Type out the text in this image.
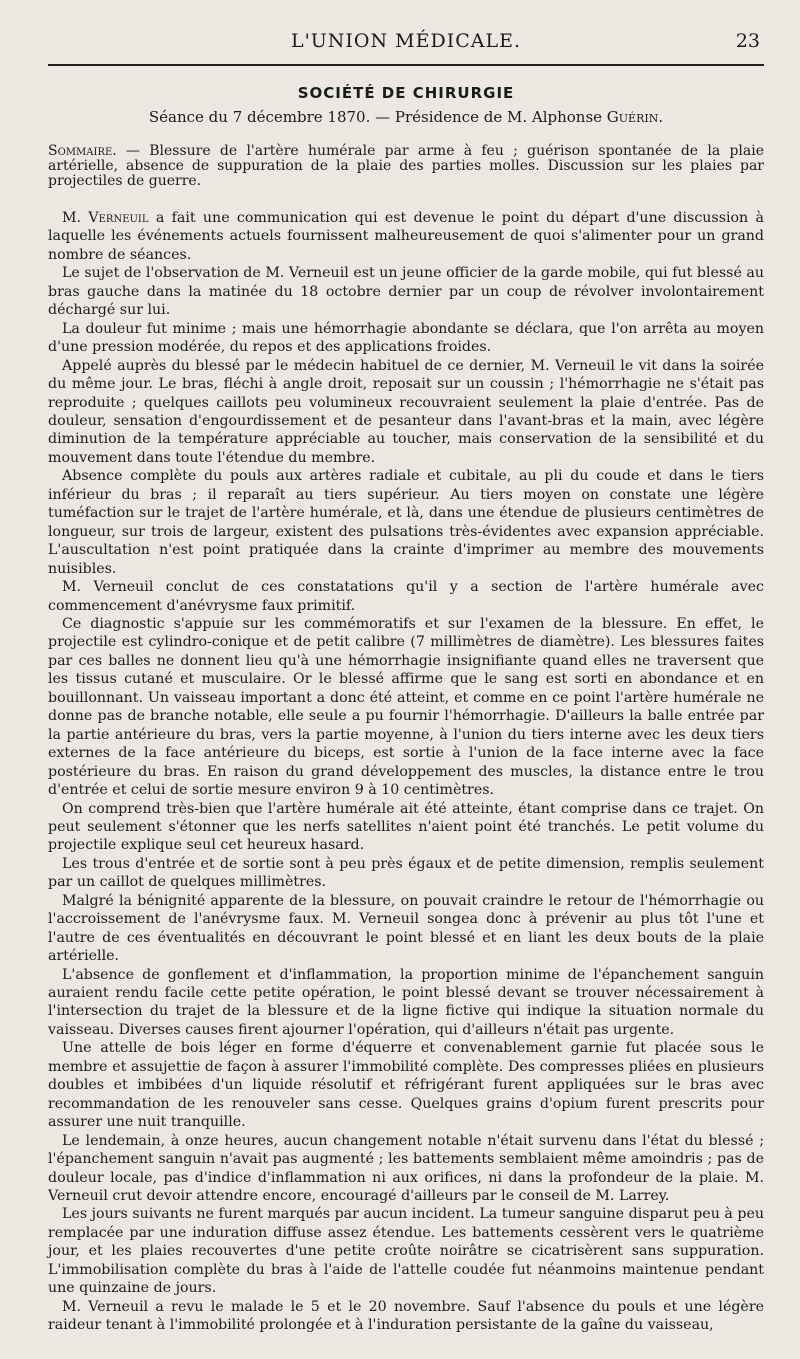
L'UNION MÉDICALE.	23
SOCIÉTÉ DE CHIRURGIE
Séance du 7 décembre 1870. — Présidence de M. Alphonse Guérin.
Sommaire. — Blessure de l'artère humérale par arme à feu ; guérison spontanée de la plaie artérielle, absence de suppuration de la plaie des parties molles. Discussion sur les plaies par projectiles de guerre.

M. Verneuil a fait une communication qui est devenue le point du départ d'une discussion à laquelle les événements actuels fournissent malheureusement de quoi s'alimenter pour un grand nombre de séances.

Le sujet de l'observation de M. Verneuil est un jeune officier de la garde mobile, qui fut blessé au bras gauche dans la matinée du 18 octobre dernier par un coup de révolver involontairement déchargé sur lui.

La douleur fut minime ; mais une hémorrhagie abondante se déclara, que l'on arrêta au moyen d'une pression modérée, du repos et des applications froides.

Appelé auprès du blessé par le médecin habituel de ce dernier, M. Verneuil le vit dans la soirée du même jour. Le bras, fléchi à angle droit, reposait sur un coussin ; l'hémorrhagie ne s'était pas reproduite ; quelques caillots peu volumineux recouvraient seulement la plaie d'entrée. Pas de douleur, sensation d'engourdissement et de pesanteur dans l'avant-bras et la main, avec légère diminution de la température appréciable au toucher, mais conservation de la sensibilité et du mouvement dans toute l'étendue du membre.

Absence complète du pouls aux artères radiale et cubitale, au pli du coude et dans le tiers inférieur du bras ; il reparaît au tiers supérieur. Au tiers moyen on constate une légère tuméfaction sur le trajet de l'artère humérale, et là, dans une étendue de plusieurs centimètres de longueur, sur trois de largeur, existent des pulsations très-évidentes avec expansion appréciable. L'auscultation n'est point pratiquée dans la crainte d'imprimer au membre des mouvements nuisibles.

M. Verneuil conclut de ces constatations qu'il y a section de l'artère humérale avec commencement d'anévrysme faux primitif.

Ce diagnostic s'appuie sur les commémoratifs et sur l'examen de la blessure. En effet, le projectile est cylindro-conique et de petit calibre (7 millimètres de diamètre). Les blessures faites par ces balles ne donnent lieu qu'à une hémorrhagie insignifiante quand elles ne traversent que les tissus cutané et musculaire. Or le blessé affirme que le sang est sorti en abondance et en bouillonnant. Un vaisseau important a donc été atteint, et comme en ce point l'artère humérale ne donne pas de branche notable, elle seule a pu fournir l'hémorrhagie. D'ailleurs la balle entrée par la partie antérieure du bras, vers la partie moyenne, à l'union du tiers interne avec les deux tiers externes de la face antérieure du biceps, est sortie à l'union de la face interne avec la face postérieure du bras. En raison du grand développement des muscles, la distance entre le trou d'entrée et celui de sortie mesure environ 9 à 10 centimètres.

On comprend très-bien que l'artère humérale ait été atteinte, étant comprise dans ce trajet. On peut seulement s'étonner que les nerfs satellites n'aient point été tranchés. Le petit volume du projectile explique seul cet heureux hasard.

Les trous d'entrée et de sortie sont à peu près égaux et de petite dimension, remplis seulement par un caillot de quelques millimètres.

Malgré la bénignité apparente de la blessure, on pouvait craindre le retour de l'hémorrhagie ou l'accroissement de l'anévrysme faux. M. Verneuil songea donc à prévenir au plus tôt l'une et l'autre de ces éventualités en découvrant le point blessé et en liant les deux bouts de la plaie artérielle.

L'absence de gonflement et d'inflammation, la proportion minime de l'épanchement sanguin auraient rendu facile cette petite opération, le point blessé devant se trouver nécessairement à l'intersection du trajet de la blessure et de la ligne fictive qui indique la situation normale du vaisseau. Diverses causes firent ajourner l'opération, qui d'ailleurs n'était pas urgente.

Une attelle de bois léger en forme d'équerre et convenablement garnie fut placée sous le membre et assujettie de façon à assurer l'immobilité complète. Des compresses pliées en plusieurs doubles et imbibées d'un liquide résolutif et réfrigérant furent appliquées sur le bras avec recommandation de les renouveler sans cesse. Quelques grains d'opium furent prescrits pour assurer une nuit tranquille.

Le lendemain, à onze heures, aucun changement notable n'était survenu dans l'état du blessé ; l'épanchement sanguin n'avait pas augmenté ; les battements semblaient même amoindris ; pas de douleur locale, pas d'indice d'inflammation ni aux orifices, ni dans la profondeur de la plaie. M. Verneuil crut devoir attendre encore, encouragé d'ailleurs par le conseil de M. Larrey.

Les jours suivants ne furent marqués par aucun incident. La tumeur sanguine disparut peu à peu remplacée par une induration diffuse assez étendue. Les battements cessèrent vers le quatrième jour, et les plaies recouvertes d'une petite croûte noirâtre se cicatrisèrent sans suppuration. L'immobilisation complète du bras à l'aide de l'attelle coudée fut néanmoins maintenue pendant une quinzaine de jours.

M. Verneuil a revu le malade le 5 et le 20 novembre. Sauf l'absence du pouls et une légère raideur tenant à l'immobilité prolongée et à l'induration persistante de la gaîne du vaisseau,
